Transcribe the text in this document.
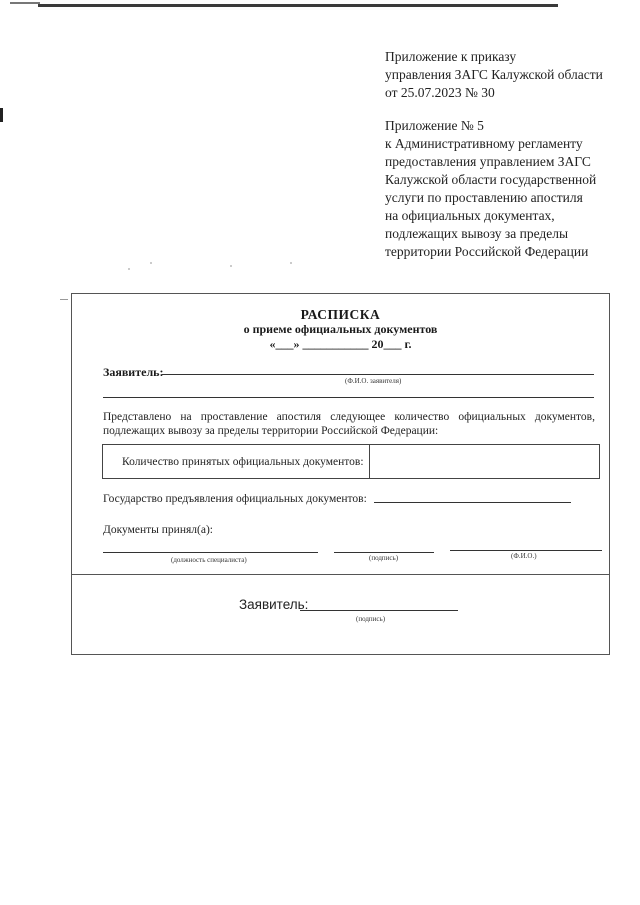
Приложение к приказу
управления ЗАГС Калужской области
от 25.07.2023 № 30
Приложение № 5
к Административному регламенту
предоставления управлением ЗАГС
Калужской области государственной
услуги по проставлению апостиля
на официальных документах,
подлежащих вывозу за пределы
территории Российской Федерации
РАСПИСКА
о приеме официальных документов
«___» ___________ 20___ г.
Заявитель:
(Ф.И.О. заявителя)
Представлено на проставление апостиля следующее количество официальных документов, подлежащих вывозу за пределы территории Российской Федерации:
Количество принятых официальных документов:
Государство предъявления официальных документов:
Документы принял(а):
(должность специалиста)	(подпись)	(Ф.И.О.)
Заявитель:
(подпись)
